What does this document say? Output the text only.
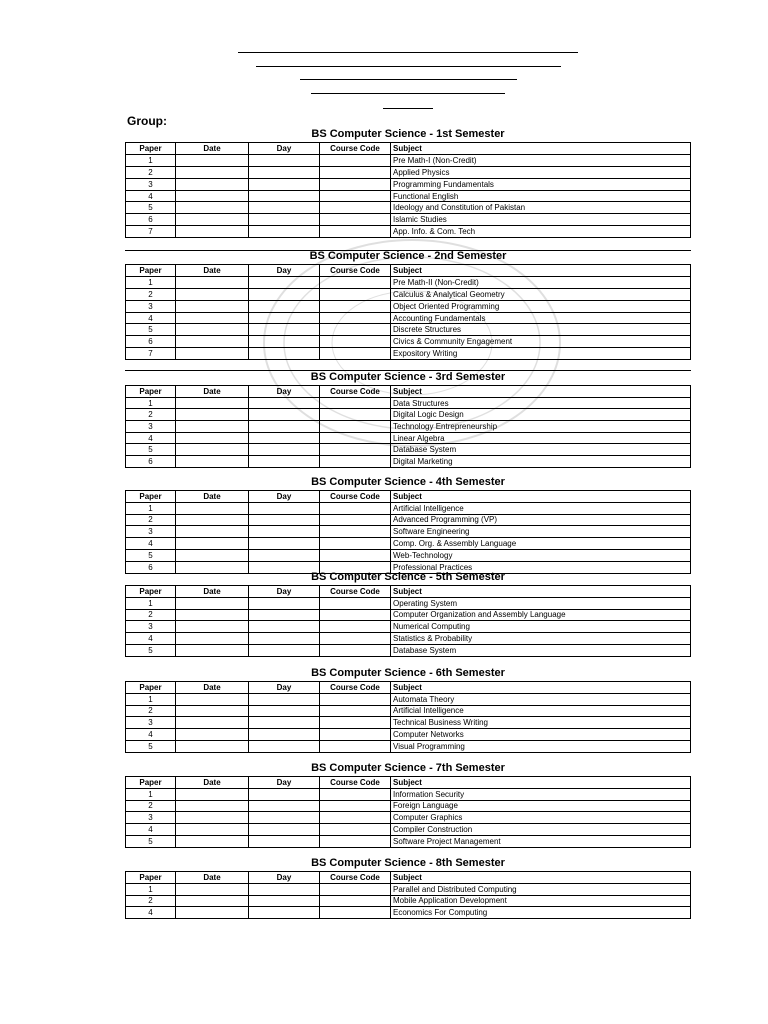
Group:
BS Computer Science - 1st Semester
Paper	Date	Day	Course Code	Subject
1				Pre Math-I (Non-Credit)
2				Applied Physics
3				Programming Fundamentals
4				Functional English
5				Ideology and Constitution of Pakistan
6				Islamic Studies
7				App. Info. & Com. Tech
BS Computer Science - 2nd Semester
Paper	Date	Day	Course Code	Subject
1				Pre Math-II (Non-Credit)
2				Calculus & Analytical Geometry
3				Object Oriented Programming
4				Accounting Fundamentals
5				Discrete Structures
6				Civics & Community Engagement
7				Expository Writing
BS Computer Science - 3rd Semester
Paper	Date	Day	Course Code	Subject
1				Data Structures
2				Digital Logic Design
3				Technology Entrepreneurship
4				Linear Algebra
5				Database System
6				Digital Marketing
BS Computer Science - 4th Semester
Paper	Date	Day	Course Code	Subject
1				Artificial Intelligence
2				Advanced Programming (VP)
3				Software Engineering
4				Comp. Org. & Assembly Language
5				Web-Technology
6				Professional Practices
BS Computer Science - 5th Semester
Paper	Date	Day	Course Code	Subject
1				Operating System
2				Computer Organization and Assembly Language
3				Numerical Computing
4				Statistics & Probability
5				Database System
BS Computer Science - 6th Semester
Paper	Date	Day	Course Code	Subject
1				Automata Theory
2				Artificial Intelligence
3				Technical Business Writing
4				Computer Networks
5				Visual Programming
BS Computer Science - 7th Semester
Paper	Date	Day	Course Code	Subject
1				Information Security
2				Foreign Language
3				Computer Graphics
4				Compiler Construction
5				Software Project Management
BS Computer Science - 8th Semester
Paper	Date	Day	Course Code	Subject
1				Parallel and Distributed Computing
2				Mobile Application Development
4				Economics For Computing
